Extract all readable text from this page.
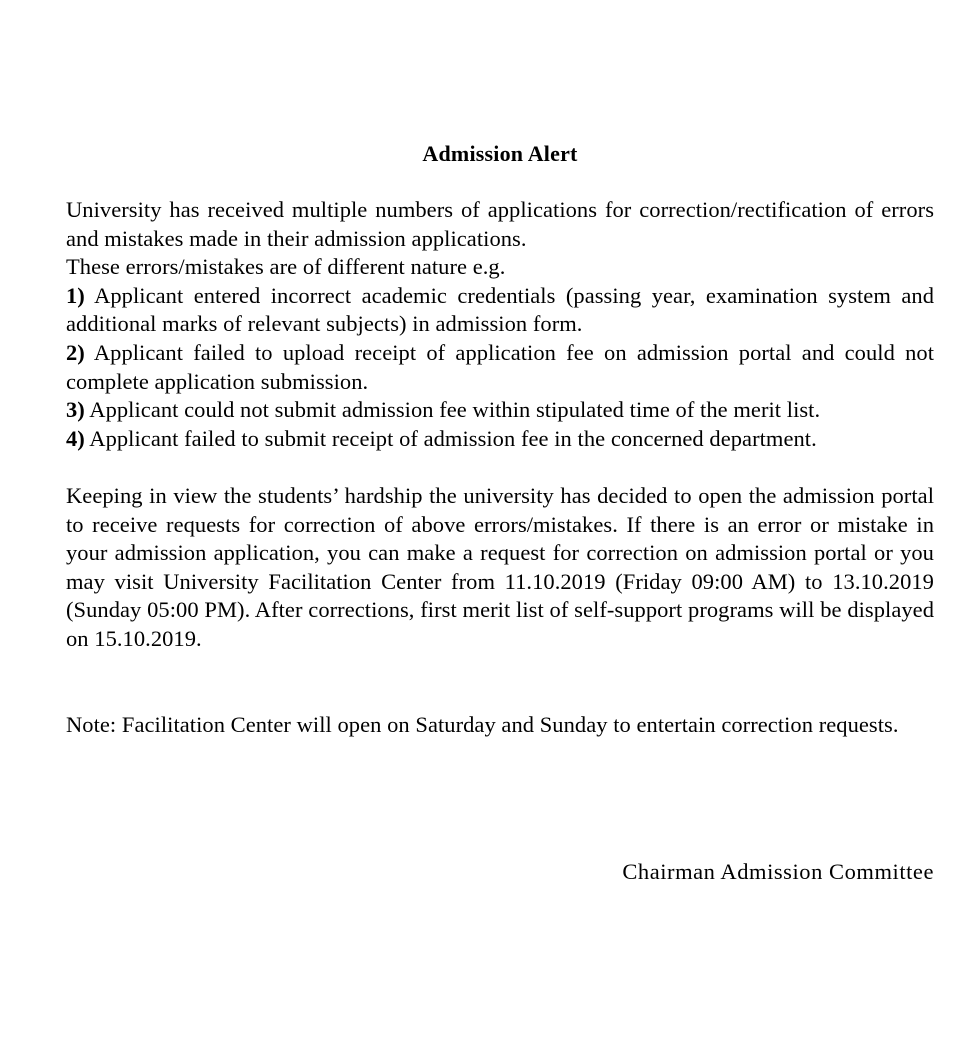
Admission Alert

University has received multiple numbers of applications for correction/rectification of errors and mistakes made in their admission applications.

These errors/mistakes are of different nature e.g.

1) Applicant entered incorrect academic credentials (passing year, examination system and additional marks of relevant subjects) in admission form.

2) Applicant failed to upload receipt of application fee on admission portal and could not complete application submission.

3) Applicant could not submit admission fee within stipulated time of the merit list.

4) Applicant failed to submit receipt of admission fee in the concerned department.

Keeping in view the students’ hardship the university has decided to open the admission portal to receive requests for correction of above errors/mistakes. If there is an error or mistake in your admission application, you can make a request for correction on admission portal or you may visit University Facilitation Center from 11.10.2019 (Friday 09:00 AM) to 13.10.2019 (Sunday 05:00 PM). After corrections, first merit list of self-support programs will be displayed on 15.10.2019.

Note: Facilitation Center will open on Saturday and Sunday to entertain correction requests.

Chairman Admission Committee
